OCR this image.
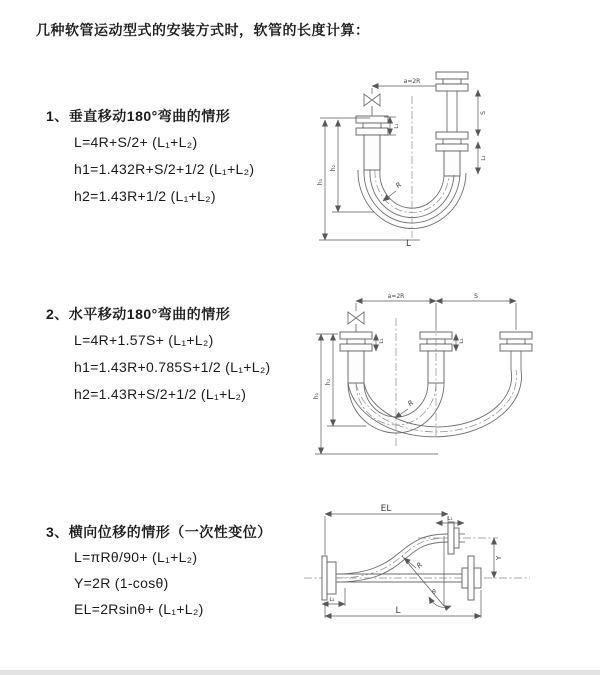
几种软管运动型式的安装方式时，软管的长度计算：
1、垂直移动180°弯曲的情形
L=4R+S/2+ (L₁+L₂)
h1=1.432R+S/2+1/2 (L₁+L₂)
h2=1.43R+1/2 (L₁+L₂)
2、水平移动180°弯曲的情形
L=4R+1.57S+ (L₁+L₂)
h1=1.43R+0.785S+1/2 (L₁+L₂)
h2=1.43R+S/2+1/2 (L₁+L₂)
3、横向位移的情形（一次性变位）
L=πRθ/90+ (L₁+L₂)
Y=2R (1-cosθ)
EL=2Rsinθ+ (L₁+L₂)
a=2R
h₁
h₂
L₁
S
L₂
R
L
a=2R	S
h₁
h₂
L₁	L₂
R
EL
L₁
Y
R
θ
L
L₂
